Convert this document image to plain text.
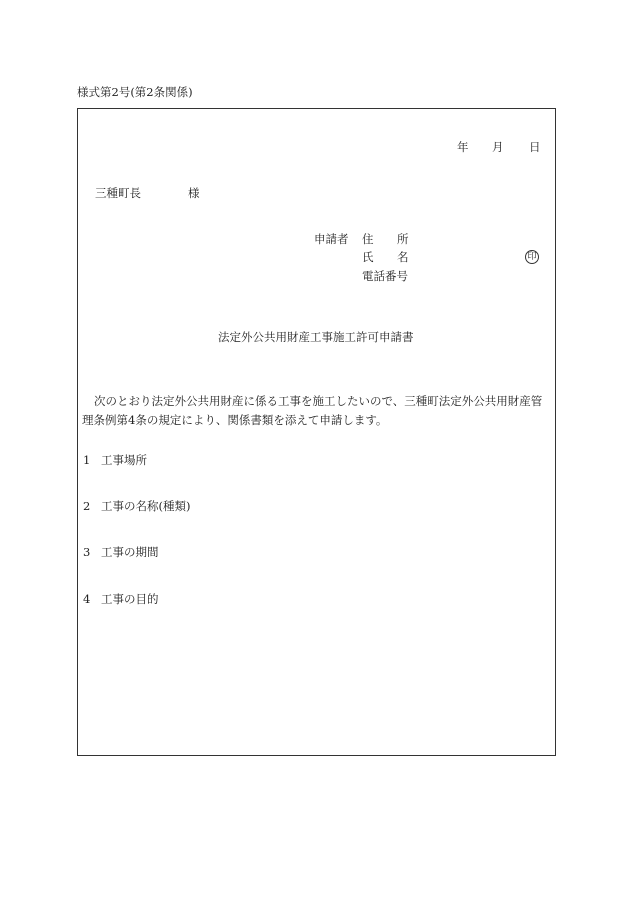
様式第2号(第2条関係)
年 月 日
三種町長	様
申請者 住 所
氏 名
電話番号
印
法定外公共用財産工事施工許可申請書
次のとおり法定外公共用財産に係る工事を施工したいので、三種町法定外公共用財産管理条例第4条の規定により、関係書類を添えて申請します。
1 工事場所
2 工事の名称(種類)
3 工事の期間
4 工事の目的
